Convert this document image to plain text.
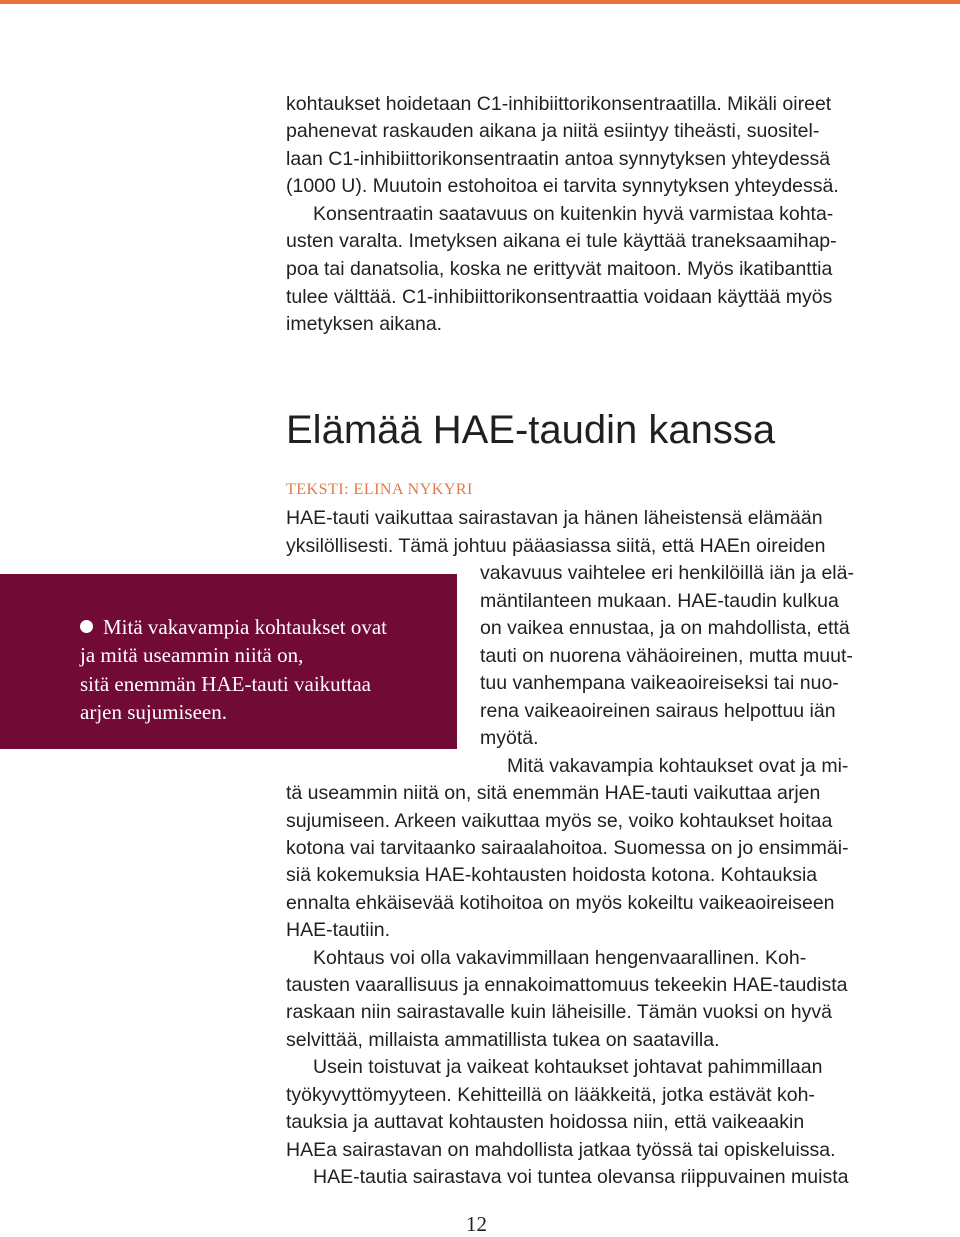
kohtaukset hoidetaan C1-inhibiittorikonsentraatilla. Mikäli oireet

pahenevat raskauden aikana ja niitä esiintyy tiheästi, suositel-

laan C1-inhibiittorikonsentraatin antoa synnytyksen yhteydessä

(1000 U). Muutoin estohoitoa ei tarvita synnytyksen yhteydessä.

Konsentraatin saatavuus on kuitenkin hyvä varmistaa kohta-

usten varalta. Imetyksen aikana ei tule käyttää traneksaamihap-

poa tai danatsolia, koska ne erittyvät maitoon. Myös ikatibanttia

tulee välttää. C1-inhibiittorikonsentraattia voidaan käyttää myös

imetyksen aikana.

Elämää HAE-taudin kanssa

TEKSTI: ELINA NYKYRI

HAE-tauti vaikuttaa sairastavan ja hänen läheistensä elämään

yksilöllisesti. Tämä johtuu pääasiassa siitä, että HAEn oireiden

vakavuus vaihtelee eri henkilöillä iän ja elä-

mäntilanteen mukaan. HAE-taudin kulkua

on vaikea ennustaa, ja on mahdollista, että

tauti on nuorena vähäoireinen, mutta muut-

tuu vanhempana vaikeaoireiseksi tai nuo-

rena vaikeaoireinen sairaus helpottuu iän

myötä.

Mitä vakavampia kohtaukset ovat ja mi-

tä useammin niitä on, sitä enemmän HAE-tauti vaikuttaa arjen

sujumiseen. Arkeen vaikuttaa myös se, voiko kohtaukset hoitaa

kotona vai tarvitaanko sairaalahoitoa. Suomessa on jo ensimmäi-

siä kokemuksia HAE-kohtausten hoidosta kotona. Kohtauksia

ennalta ehkäisevää kotihoitoa on myös kokeiltu vaikeaoireiseen

HAE-tautiin.

Kohtaus voi olla vakavimmillaan hengenvaarallinen. Koh-

tausten vaarallisuus ja ennakoimattomuus tekeekin HAE-taudista

raskaan niin sairastavalle kuin läheisille. Tämän vuoksi on hyvä

selvittää, millaista ammatillista tukea on saatavilla.

Usein toistuvat ja vaikeat kohtaukset johtavat pahimmillaan

työkyvyttömyyteen. Kehitteillä on lääkkeitä, jotka estävät koh-

tauksia ja auttavat kohtausten hoidossa niin, että vaikeaakin

HAEa sairastavan on mahdollista jatkaa työssä tai opiskeluissa.

HAE-tautia sairastava voi tuntea olevansa riippuvainen muista

Mitä vakavampia kohtaukset ovat

ja mitä useammin niitä on,

sitä enemmän HAE-tauti vaikuttaa

arjen sujumiseen.

12
